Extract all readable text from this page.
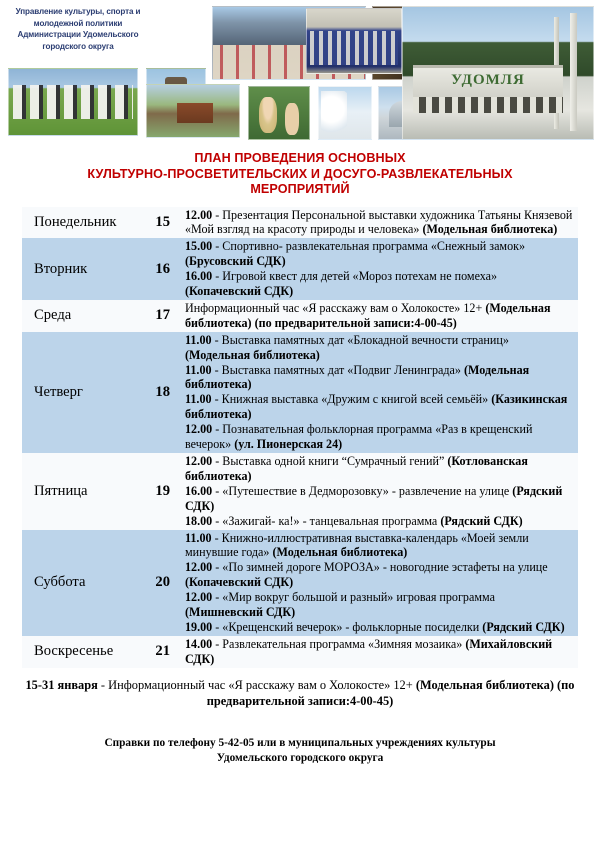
Управление культуры, спорта и молодежной политики Администрации Удомельского городского округа
УДОМЛЯ
ПЛАН ПРОВЕДЕНИЯ ОСНОВНЫХ
КУЛЬТУРНО-ПРОСВЕТИТЕЛЬСКИХ И ДОСУГО-РАЗВЛЕКАТЕЛЬНЫХ
МЕРОПРИЯТИЙ
Понедельник	15	12.00 - Презентация Персональной выставки художника Татьяны Князевой «Мой взгляд на красоту природы и человека» (Модельная библиотека)

Вторник	16	15.00 - Спортивно- развлекательная программа «Снежный замок» (Брусовский СДК)
16.00 - Игровой квест для детей «Мороз потехам не помеха» (Копачевский СДК)

Среда	17	Информационный час «Я расскажу вам о Холокосте» 12+ (Модельная библиотека) (по предварительной записи:4-00-45)

Четверг	18	11.00 - Выставка памятных дат «Блокадной вечности страниц» (Модельная библиотека)
11.00 - Выставка памятных дат «Подвиг Ленинграда» (Модельная библиотека)
11.00 - Книжная выставка «Дружим с книгой всей семьёй» (Казикинская библиотека)
12.00 - Познавательная фольклорная программа «Раз в крещенский вечерок» (ул. Пионерская 24)

Пятница	19	12.00 - Выставка одной книги “Сумрачный гений” (Котлованская библиотека)
16.00 - «Путешествие в Дедморозовку» - развлечение на улице (Рядский СДК)
18.00 - «Зажигай- ка!» - танцевальная программа (Рядский СДК)

Суббота	20	11.00 - Книжно-иллюстративная выставка-календарь «Моей земли минувшие года» (Модельная библиотека)
12.00 - «По зимней дороге МОРОЗА» - новогодние эстафеты на улице (Копачевский СДК)
12.00 - «Мир вокруг большой и разный» игровая программа (Мишневский СДК)
19.00 - «Крещенский вечерок» - фольклорные посиделки (Рядский СДК)

Воскресенье	21	14.00 - Развлекательная программа «Зимняя мозаика» (Михайловский СДК)
15-31 января - Информационный час «Я расскажу вам о Холокосте» 12+ (Модельная библиотека) (по предварительной записи:4-00-45)
Справки по телефону 5-42-05 или в муниципальных учреждениях культуры
Удомельского городского округа
